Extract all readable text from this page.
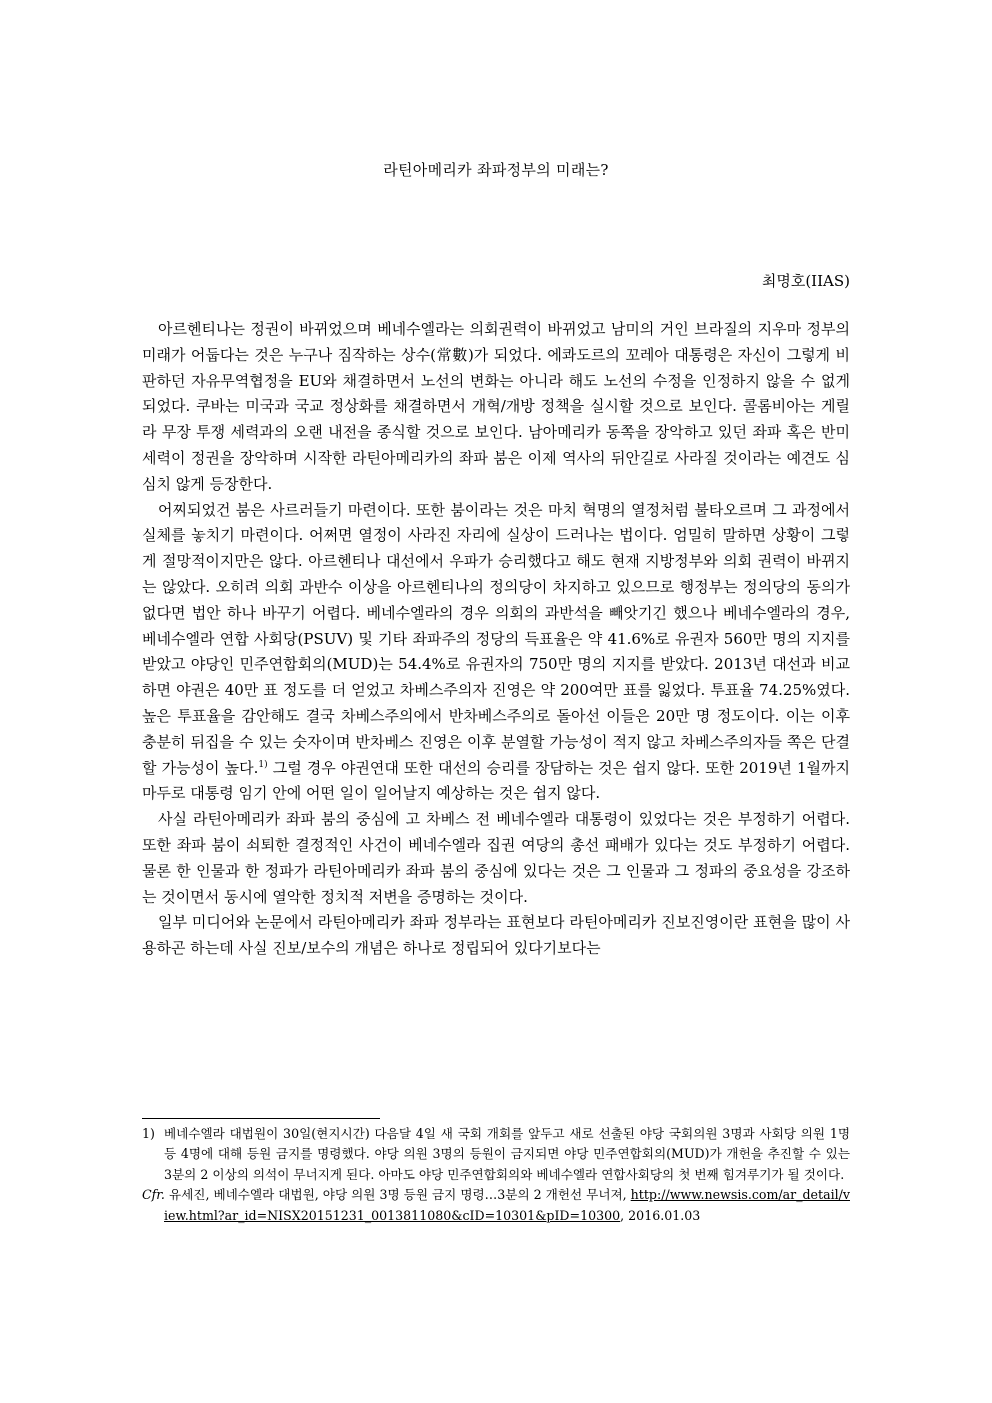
라틴아메리카 좌파정부의 미래는?
최명호(IIAS)

아르헨티나는 정권이 바뀌었으며 베네수엘라는 의회권력이 바뀌었고 남미의 거인 브라질의 지우마 정부의 미래가 어둡다는 것은 누구나 짐작하는 상수(常數)가 되었다. 에콰도르의 꼬레아 대통령은 자신이 그렇게 비판하던 자유무역협정을 EU와 채결하면서 노선의 변화는 아니라 해도 노선의 수정을 인정하지 않을 수 없게 되었다. 쿠바는 미국과 국교 정상화를 채결하면서 개혁/개방 정책을 실시할 것으로 보인다. 콜롬비아는 게릴라 무장 투쟁 세력과의 오랜 내전을 종식할 것으로 보인다. 남아메리카 동쪽을 장악하고 있던 좌파 혹은 반미 세력이 정권을 장악하며 시작한 라틴아메리카의 좌파 붐은 이제 역사의 뒤안길로 사라질 것이라는 예견도 심심치 않게 등장한다.

어찌되었건 붐은 사르러들기 마련이다. 또한 붐이라는 것은 마치 혁명의 열정처럼 불타오르며 그 과정에서 실체를 놓치기 마련이다. 어쩌면 열정이 사라진 자리에 실상이 드러나는 법이다. 엄밀히 말하면 상황이 그렇게 절망적이지만은 않다. 아르헨티나 대선에서 우파가 승리했다고 해도 현재 지방정부와 의회 권력이 바뀌지는 않았다. 오히려 의회 과반수 이상을 아르헨티나의 정의당이 차지하고 있으므로 행정부는 정의당의 동의가 없다면 법안 하나 바꾸기 어렵다. 베네수엘라의 경우 의회의 과반석을 빼앗기긴 했으나 베네수엘라의 경우, 베네수엘라 연합 사회당(PSUV) 및 기타 좌파주의 정당의 득표율은 약 41.6%로 유권자 560만 명의 지지를 받았고 야당인 민주연합회의(MUD)는 54.4%로 유권자의 750만 명의 지지를 받았다. 2013년 대선과 비교하면 야권은 40만 표 정도를 더 얻었고 차베스주의자 진영은 약 200여만 표를 잃었다. 투표율 74.25%였다. 높은 투표율을 감안해도 결국 차베스주의에서 반차베스주의로 돌아선 이들은 20만 명 정도이다. 이는 이후 충분히 뒤집을 수 있는 숫자이며 반차베스 진영은 이후 분열할 가능성이 적지 않고 차베스주의자들 쪽은 단결할 가능성이 높다.$^{1)}$ 그럴 경우 야권연대 또한 대선의 승리를 장담하는 것은 쉽지 않다. 또한 2019년 1월까지 마두로 대통령 임기 안에 어떤 일이 일어날지 예상하는 것은 쉽지 않다.

사실 라틴아메리카 좌파 붐의 중심에 고 차베스 전 베네수엘라 대통령이 있었다는 것은 부정하기 어렵다. 또한 좌파 붐이 쇠퇴한 결정적인 사건이 베네수엘라 집권 여당의 총선 패배가 있다는 것도 부정하기 어렵다. 물론 한 인물과 한 정파가 라틴아메리카 좌파 붐의 중심에 있다는 것은 그 인물과 그 정파의 중요성을 강조하는 것이면서 동시에 열악한 정치적 저변을 증명하는 것이다.

일부 미디어와 논문에서 라틴아메리카 좌파 정부라는 표현보다 라틴아메리카 진보진영이란 표현을 많이 사용하곤 하는데 사실 진보/보수의 개념은 하나로 정립되어 있다기보다는

1) 베네수엘라 대법원이 30일(현지시간) 다음달 4일 새 국회 개회를 앞두고 새로 선출된 야당 국회의원 3명과 사회당 의원 1명 등 4명에 대해 등원 금지를 명령했다. 야당 의원 3명의 등원이 금지되면 야당 민주연합회의(MUD)가 개헌을 추진할 수 있는 3분의 2 이상의 의석이 무너지게 된다. 아마도 야당 민주연합회의와 베네수엘라 연합사회당의 첫 번째 힘겨루기가 될 것이다.

Cfr. 유세진, 베네수엘라 대법원, 야당 의원 3명 등원 금지 명령…3분의 2 개헌선 무너져, http://www.newsis.com/ar_detail/view.html?ar_id=NISX20151231_0013811080&cID=10301&pID=10300, 2016.01.03
